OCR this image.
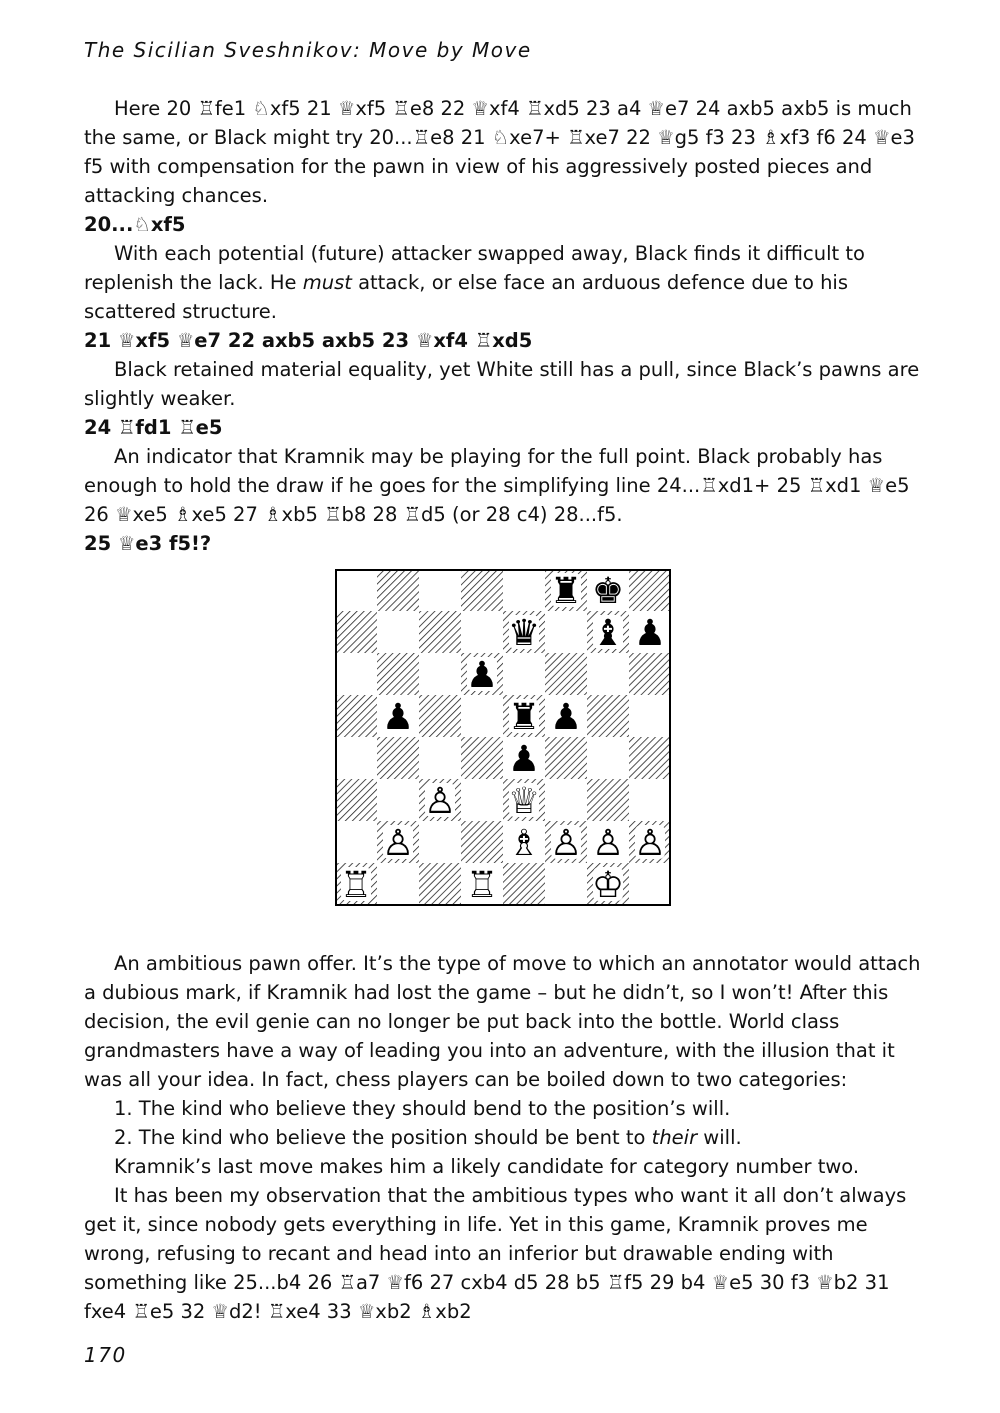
The Sicilian Sveshnikov: Move by Move

Here 20 ♖fe1 ♘xf5 21 ♕xf5 ♖e8 22 ♕xf4 ♖xd5 23 a4 ♕e7 24 axb5 axb5 is much the same, or Black might try 20...♖e8 21 ♘xe7+ ♖xe7 22 ♕g5 f3 23 ♗xf3 f6 24 ♕e3 f5 with compensation for the pawn in view of his aggressively posted pieces and attacking chances.

20...♘xf5

With each potential (future) attacker swapped away, Black finds it difficult to replenish the lack. He must attack, or else face an arduous defence due to his scattered structure.

21 ♕xf5 ♕e7 22 axb5 axb5 23 ♕xf4 ♖xd5

Black retained material equality, yet White still has a pull, since Black’s pawns are slightly weaker.

24 ♖fd1 ♖e5

An indicator that Kramnik may be playing for the full point. Black probably has enough to hold the draw if he goes for the simplifying line 24...♖xd1+ 25 ♖xd1 ♕e5 26 ♕xe5 ♗xe5 27 ♗xb5 ♖b8 28 ♖d5 (or 28 c4) 28...f5.

25 ♕e3 f5!?

♜ ♚
♛ ♝ ♟
♟
♟	♜ ♟
♟
♙ ♕
♙	♗ ♙ ♙ ♙
♖	♖	♔

An ambitious pawn offer. It’s the type of move to which an annotator would attach a dubious mark, if Kramnik had lost the game – but he didn’t, so I won’t! After this decision, the evil genie can no longer be put back into the bottle. World class grandmasters have a way of leading you into an adventure, with the illusion that it was all your idea. In fact, chess players can be boiled down to two categories:

1. The kind who believe they should bend to the position’s will.

2. The kind who believe the position should be bent to their will.

Kramnik’s last move makes him a likely candidate for category number two.

It has been my observation that the ambitious types who want it all don’t always get it, since nobody gets everything in life. Yet in this game, Kramnik proves me wrong, refusing to recant and head into an inferior but drawable ending with something like 25...b4 26 ♖a7 ♕f6 27 cxb4 d5 28 b5 ♖f5 29 b4 ♕e5 30 f3 ♕b2 31 fxe4 ♖e5 32 ♕d2! ♖xe4 33 ♕xb2 ♗xb2

170
